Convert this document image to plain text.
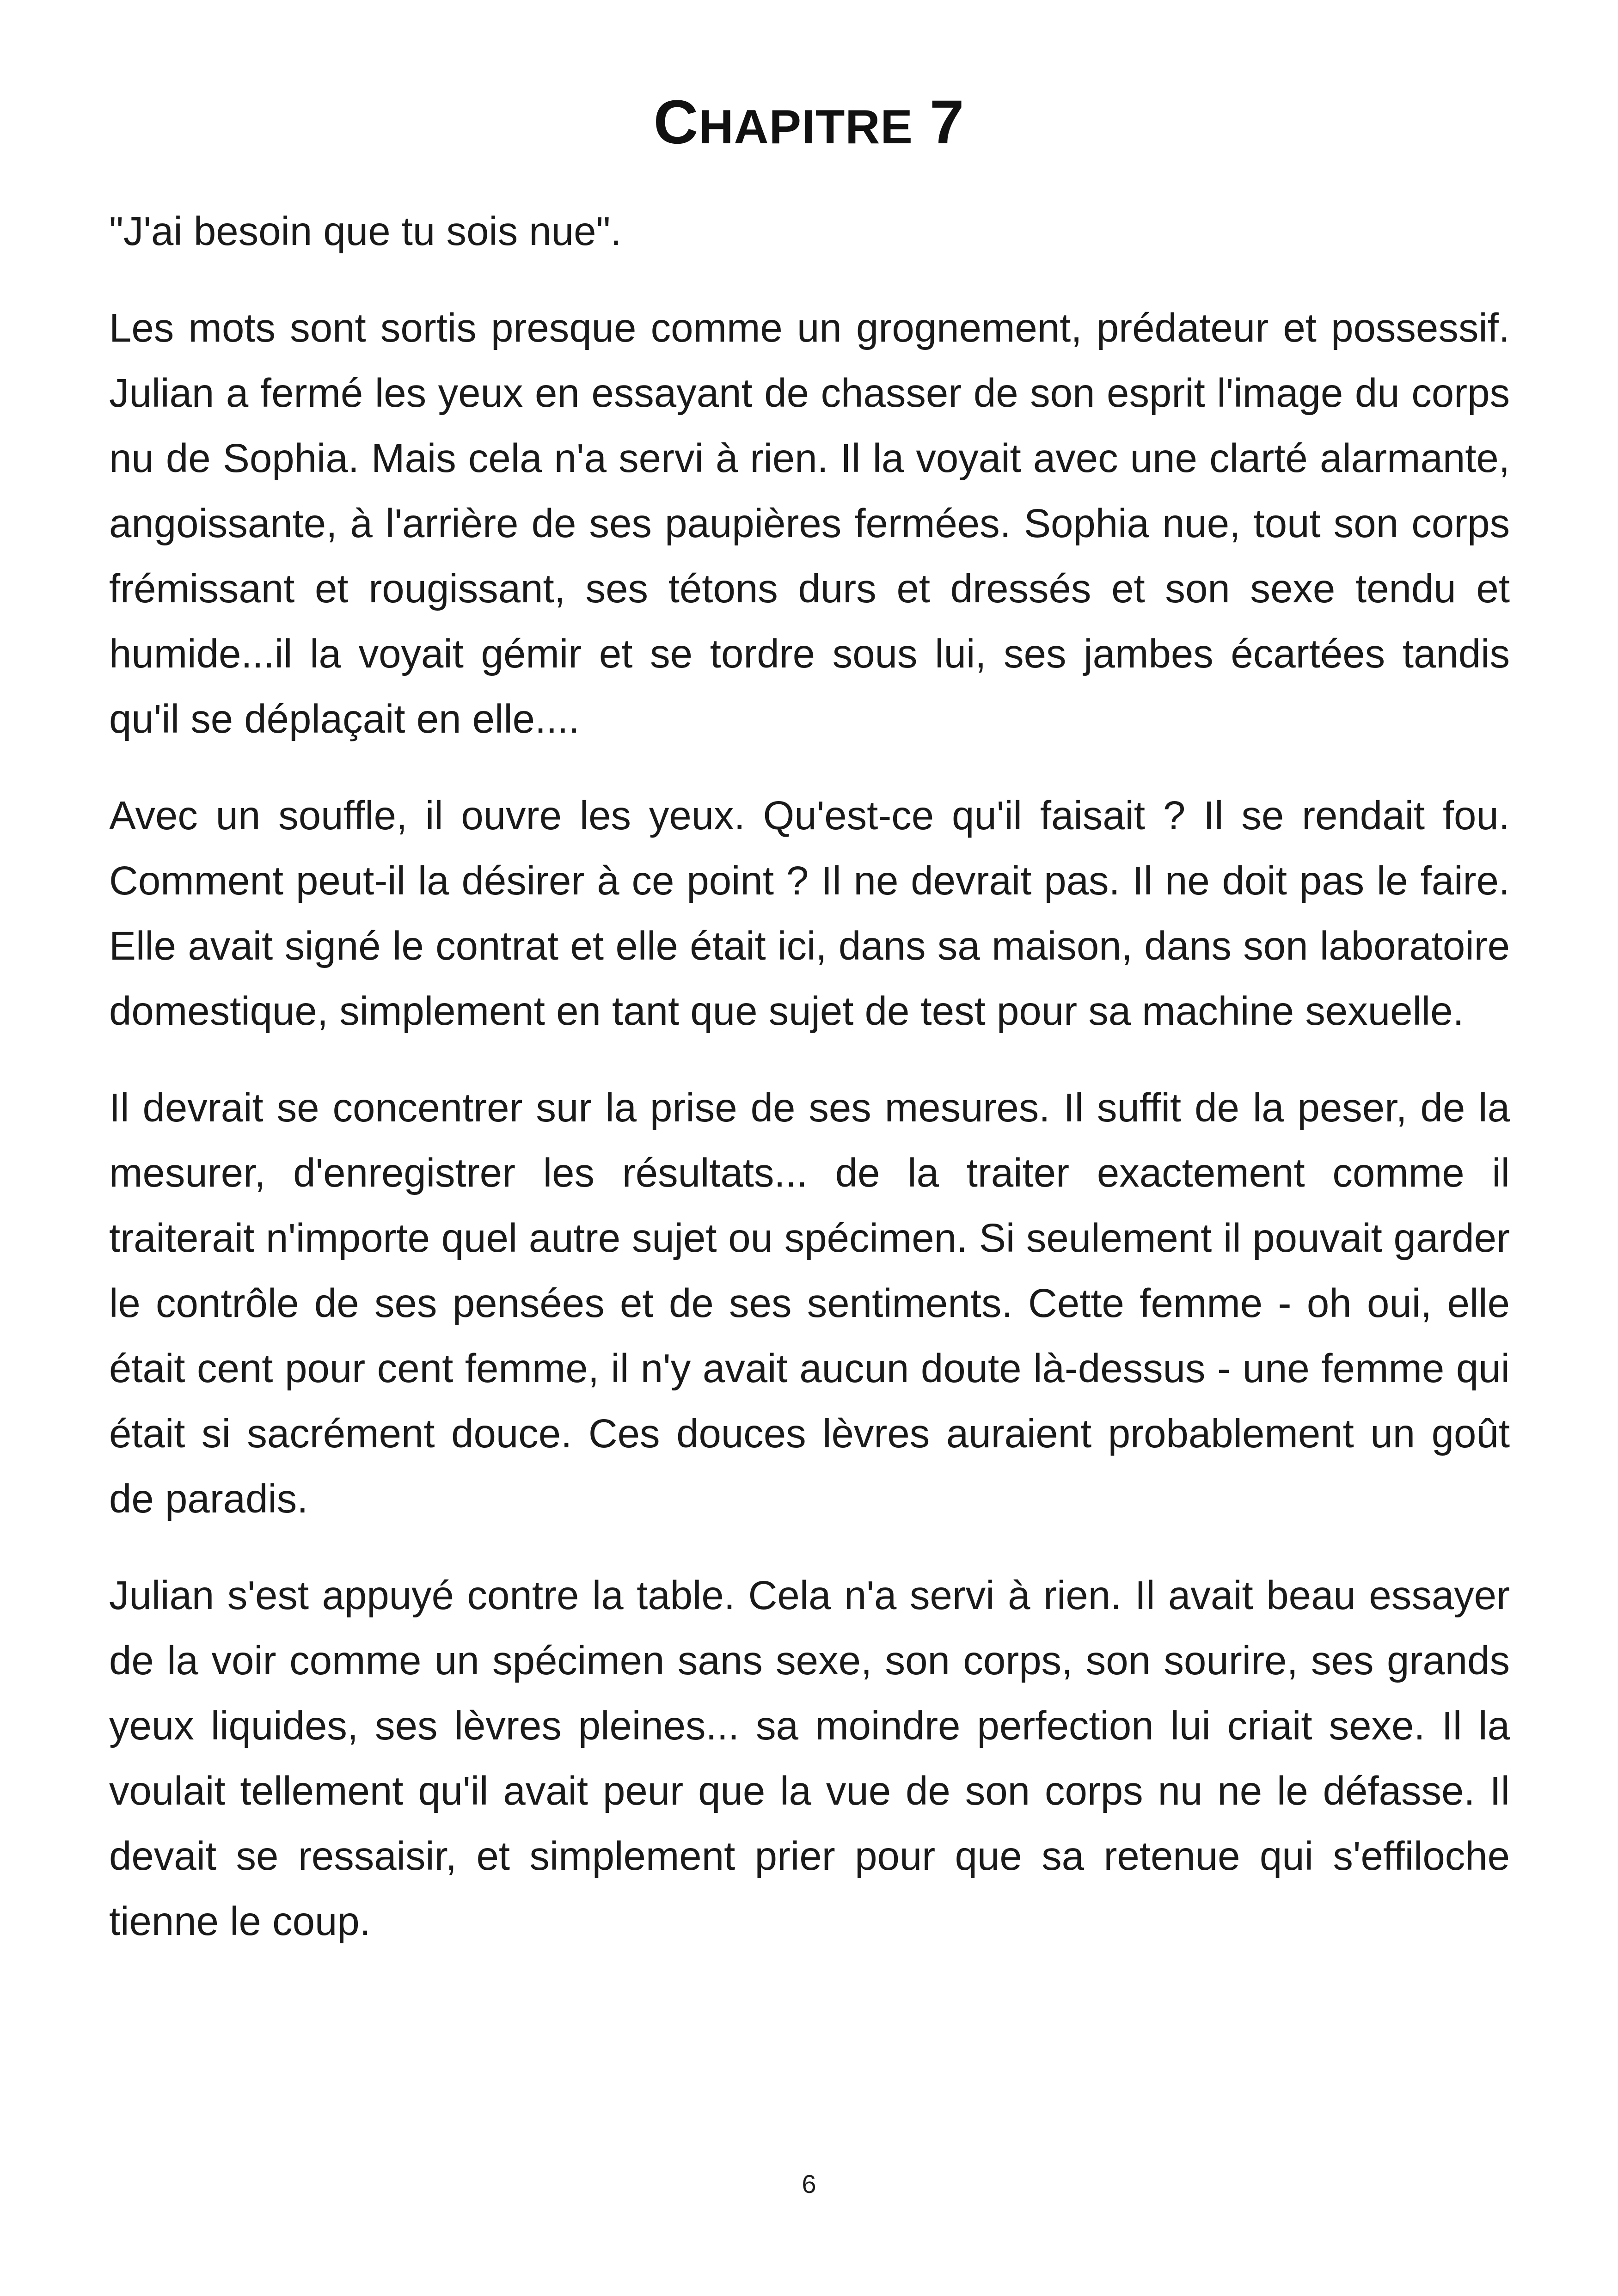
CHAPITRE 7

"J'ai besoin que tu sois nue".

Les mots sont sortis presque comme un grognement, prédateur et possessif. Julian a fermé les yeux en essayant de chasser de son esprit l'image du corps nu de Sophia. Mais cela n'a servi à rien. Il la voyait avec une clarté alarmante, angoissante, à l'arrière de ses paupières fermées. Sophia nue, tout son corps frémissant et rougissant, ses tétons durs et dressés et son sexe tendu et humide...il la voyait gémir et se tordre sous lui, ses jambes écartées tandis qu'il se déplaçait en elle....

Avec un souffle, il ouvre les yeux. Qu'est-ce qu'il faisait ? Il se rendait fou. Comment peut-il la désirer à ce point ? Il ne devrait pas. Il ne doit pas le faire. Elle avait signé le contrat et elle était ici, dans sa maison, dans son laboratoire domestique, simplement en tant que sujet de test pour sa machine sexuelle.

Il devrait se concentrer sur la prise de ses mesures. Il suffit de la peser, de la mesurer, d'enregistrer les résultats... de la traiter exactement comme il traiterait n'importe quel autre sujet ou spécimen. Si seulement il pouvait garder le contrôle de ses pensées et de ses sentiments. Cette femme - oh oui, elle était cent pour cent femme, il n'y avait aucun doute là-dessus - une femme qui était si sacrément douce. Ces douces lèvres auraient probablement un goût de paradis.

Julian s'est appuyé contre la table. Cela n'a servi à rien. Il avait beau essayer de la voir comme un spécimen sans sexe, son corps, son sourire, ses grands yeux liquides, ses lèvres pleines... sa moindre perfection lui criait sexe. Il la voulait tellement qu'il avait peur que la vue de son corps nu ne le défasse. Il devait se ressaisir, et simplement prier pour que sa retenue qui s'effiloche tienne le coup.

6
